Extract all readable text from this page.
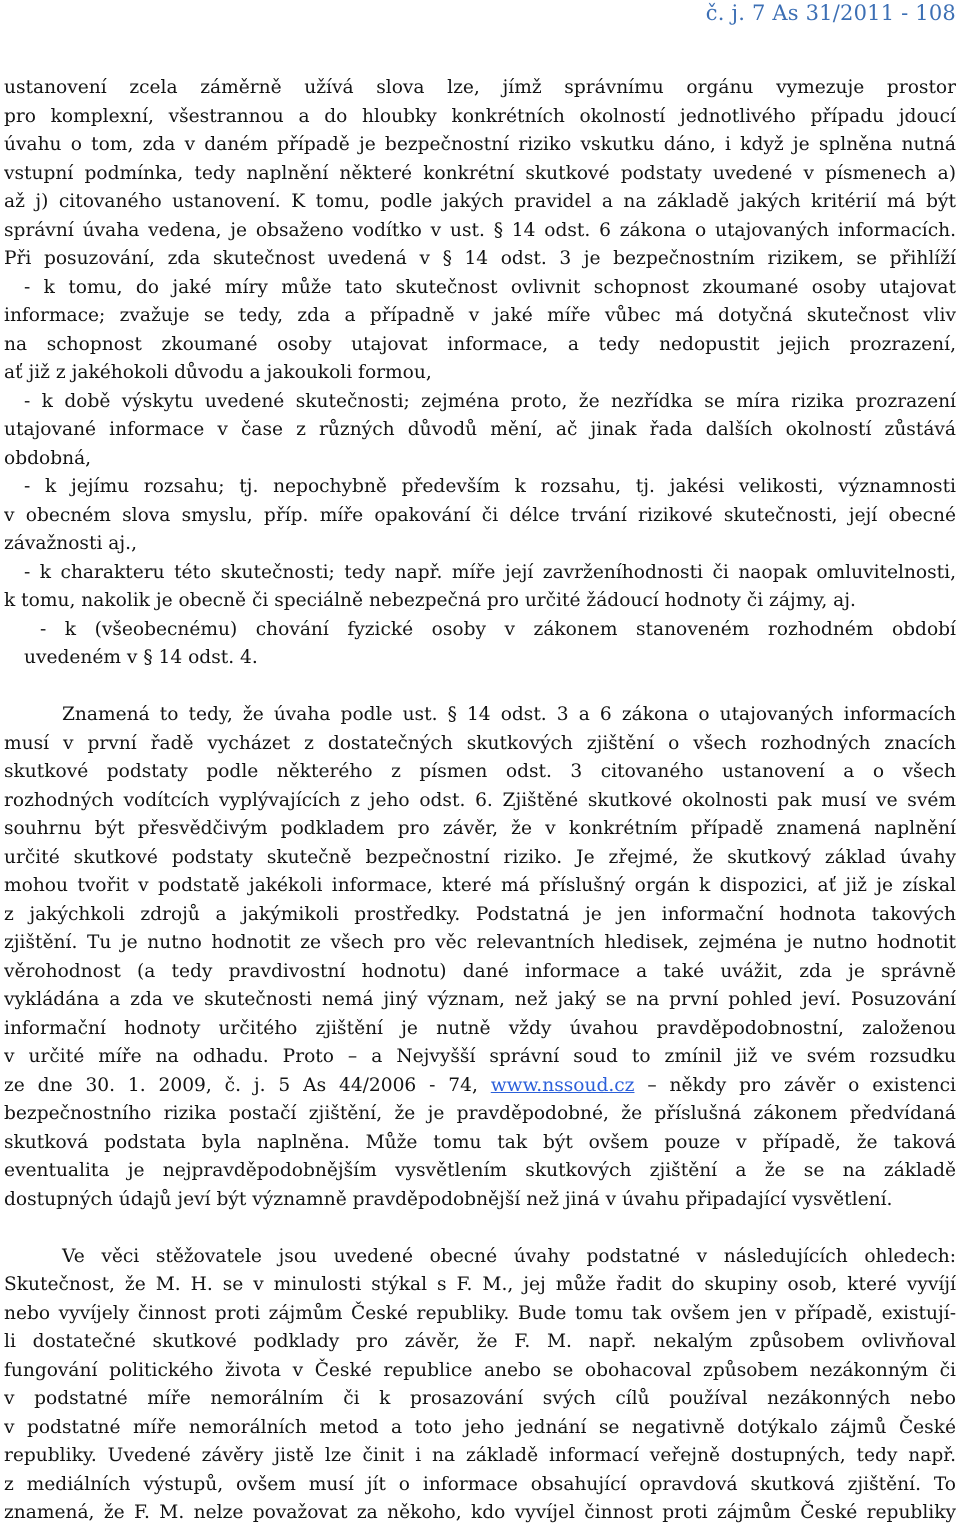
č. j. 7 As 31/2011 - 108
ustanovení zcela záměrně užívá slova lze, jímž správnímu orgánu vymezuje prostor
pro komplexní, všestrannou a do hloubky konkrétních okolností jednotlivého případu jdoucí
úvahu o tom, zda v daném případě je bezpečnostní riziko vskutku dáno, i když je splněna nutná
vstupní podmínka, tedy naplnění některé konkrétní skutkové podstaty uvedené v písmenech a)
až j) citovaného ustanovení. K tomu, podle jakých pravidel a na základě jakých kritérií má být
správní úvaha vedena, je obsaženo vodítko v ust. § 14 odst. 6 zákona o utajovaných informacích.
Při posuzování, zda skutečnost uvedená v § 14 odst. 3 je bezpečnostním rizikem, se přihlíží
- k tomu, do jaké míry může tato skutečnost ovlivnit schopnost zkoumané osoby utajovat
informace; zvažuje se tedy, zda a případně v jaké míře vůbec má dotyčná skutečnost vliv
na schopnost zkoumané osoby utajovat informace, a tedy nedopustit jejich prozrazení,
ať již z jakéhokoli důvodu a jakoukoli formou,
- k době výskytu uvedené skutečnosti; zejména proto, že nezřídka se míra rizika prozrazení
utajované informace v čase z různých důvodů mění, ač jinak řada dalších okolností zůstává
obdobná,
- k jejímu rozsahu; tj. nepochybně především k rozsahu, tj. jakési velikosti, významnosti
v obecném slova smyslu, příp. míře opakování či délce trvání rizikové skutečnosti, její obecné
závažnosti aj.,
- k charakteru této skutečnosti; tedy např. míře její zavrženíhodnosti či naopak omluvitelnosti,
k tomu, nakolik je obecně či speciálně nebezpečná pro určité žádoucí hodnoty či zájmy, aj.
- k (všeobecnému) chování fyzické osoby v zákonem stanoveném rozhodném období
uvedeném v § 14 odst. 4.
Znamená to tedy, že úvaha podle ust. § 14 odst. 3 a 6 zákona o utajovaných informacích
musí v první řadě vycházet z dostatečných skutkových zjištění o všech rozhodných znacích
skutkové podstaty podle některého z písmen odst. 3 citovaného ustanovení a o všech
rozhodných vodítcích vyplývajících z jeho odst. 6. Zjištěné skutkové okolnosti pak musí ve svém
souhrnu být přesvědčivým podkladem pro závěr, že v konkrétním případě znamená naplnění
určité skutkové podstaty skutečně bezpečnostní riziko. Je zřejmé, že skutkový základ úvahy
mohou tvořit v podstatě jakékoli informace, které má příslušný orgán k dispozici, ať již je získal
z jakýchkoli zdrojů a jakýmikoli prostředky. Podstatná je jen informační hodnota takových
zjištění. Tu je nutno hodnotit ze všech pro věc relevantních hledisek, zejména je nutno hodnotit
věrohodnost (a tedy pravdivostní hodnotu) dané informace a také uvážit, zda je správně
vykládána a zda ve skutečnosti nemá jiný význam, než jaký se na první pohled jeví. Posuzování
informační hodnoty určitého zjištění je nutně vždy úvahou pravděpodobnostní, založenou
v určité míře na odhadu. Proto – a Nejvyšší správní soud to zmínil již ve svém rozsudku
ze dne 30. 1. 2009, č. j. 5 As 44/2006 - 74, www.nssoud.cz – někdy pro závěr o existenci
bezpečnostního rizika postačí zjištění, že je pravděpodobné, že příslušná zákonem předvídaná
skutková podstata byla naplněna. Může tomu tak být ovšem pouze v případě, že taková
eventualita je nejpravděpodobnějším vysvětlením skutkových zjištění a že se na základě
dostupných údajů jeví být významně pravděpodobnější než jiná v úvahu připadající vysvětlení.
Ve věci stěžovatele jsou uvedené obecné úvahy podstatné v následujících ohledech:
Skutečnost, že M. H. se v minulosti stýkal s F. M., jej může řadit do skupiny osob, které vyvíjí
nebo vyvíjely činnost proti zájmům České republiky. Bude tomu tak ovšem jen v případě, existují-
li dostatečné skutkové podklady pro závěr, že F. M. např. nekalým způsobem ovlivňoval
fungování politického života v České republice anebo se obohacoval způsobem nezákonným či
v podstatné míře nemorálním či k prosazování svých cílů používal nezákonných nebo
v podstatné míře nemorálních metod a toto jeho jednání se negativně dotýkalo zájmů České
republiky. Uvedené závěry jistě lze činit i na základě informací veřejně dostupných, tedy např.
z mediálních výstupů, ovšem musí jít o informace obsahující opravdová skutková zjištění. To
znamená, že F. M. nelze považovat za někoho, kdo vyvíjel činnost proti zájmům České republiky
